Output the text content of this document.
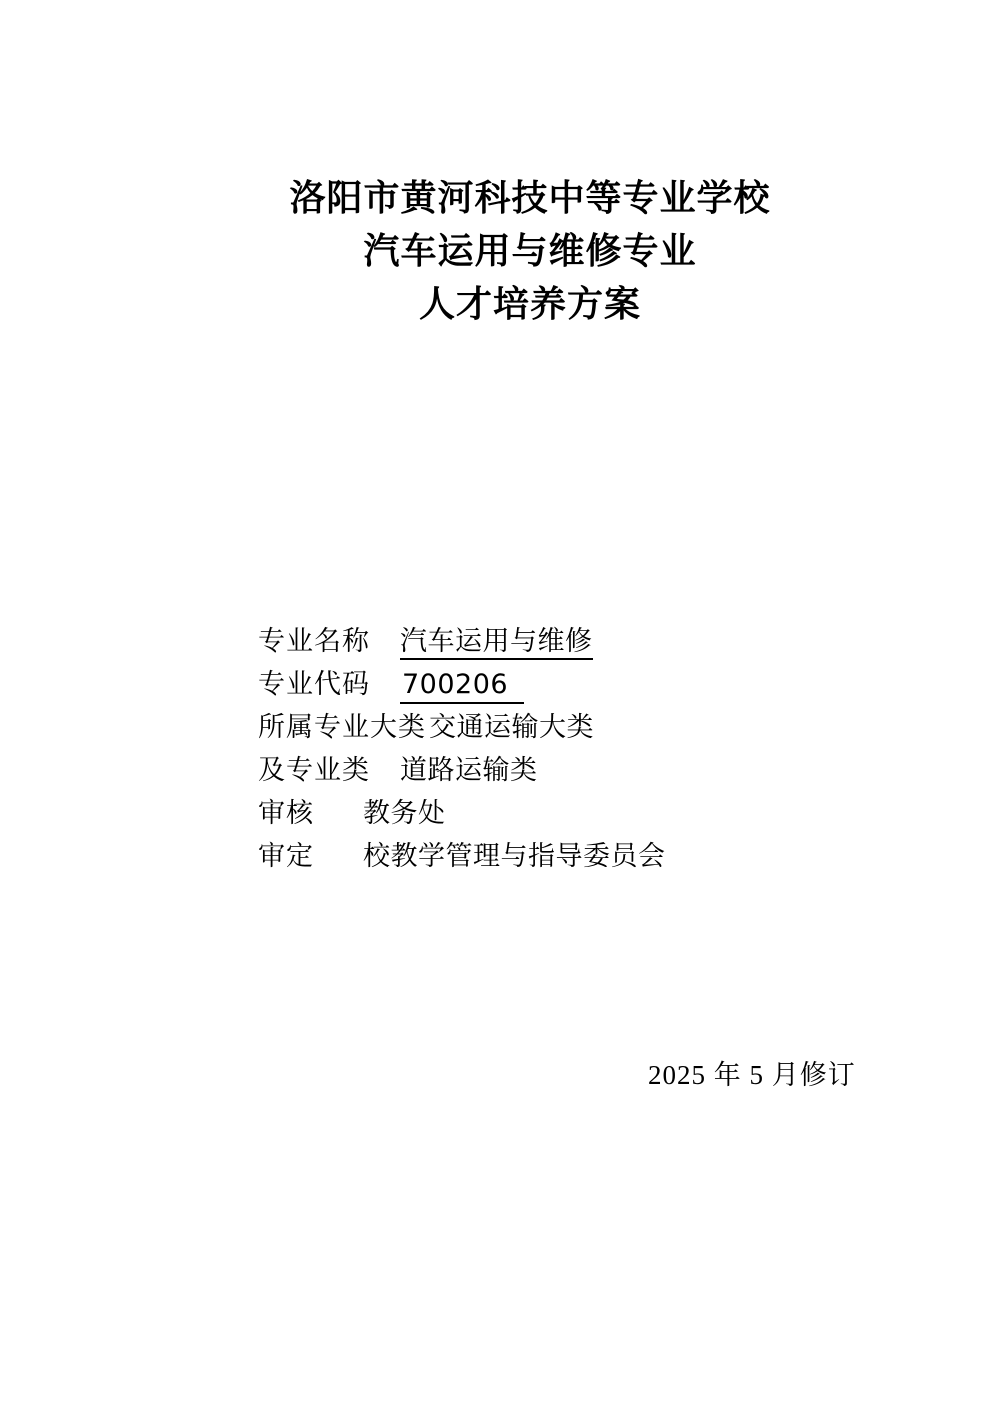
洛阳市黄河科技中等专业学校
汽车运用与维修专业
人才培养方案
专业名称	汽车运用与维修
专业代码	700206
所属专业大类 交通运输大类
及专业类	道路运输类
审核	教务处
审定	校教学管理与指导委员会
2025 年 5 月修订
